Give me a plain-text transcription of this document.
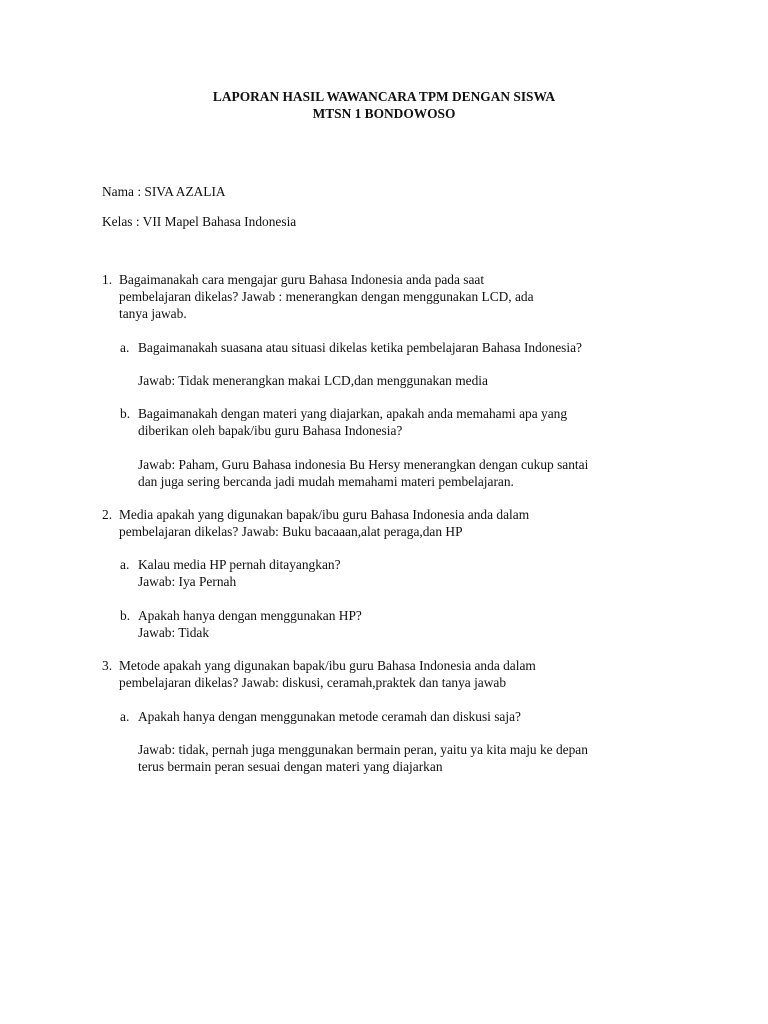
LAPORAN HASIL WAWANCARA TPM DENGAN SISWA
MTSN 1 BONDOWOSO
Nama : SIVA AZALIA
Kelas : VII Mapel Bahasa Indonesia
1. Bagaimanakah cara mengajar guru Bahasa Indonesia anda pada saat
pembelajaran dikelas? Jawab : menerangkan dengan menggunakan LCD, ada
tanya jawab.
a. Bagaimanakah suasana atau situasi dikelas ketika pembelajaran Bahasa Indonesia?
Jawab: Tidak menerangkan makai LCD,dan menggunakan media
b. Bagaimanakah dengan materi yang diajarkan, apakah anda memahami apa yang
diberikan oleh bapak/ibu guru Bahasa Indonesia?
Jawab: Paham, Guru Bahasa indonesia Bu Hersy menerangkan dengan cukup santai
dan juga sering bercanda jadi mudah memahami materi pembelajaran.
2. Media apakah yang digunakan bapak/ibu guru Bahasa Indonesia anda dalam
pembelajaran dikelas? Jawab: Buku bacaaan,alat peraga,dan HP
a. Kalau media HP pernah ditayangkan?
Jawab: Iya Pernah
b. Apakah hanya dengan menggunakan HP?
Jawab: Tidak
3. Metode apakah yang digunakan bapak/ibu guru Bahasa Indonesia anda dalam
pembelajaran dikelas? Jawab: diskusi, ceramah,praktek dan tanya jawab
a. Apakah hanya dengan menggunakan metode ceramah dan diskusi saja?
Jawab: tidak, pernah juga menggunakan bermain peran, yaitu ya kita maju ke depan
terus bermain peran sesuai dengan materi yang diajarkan
